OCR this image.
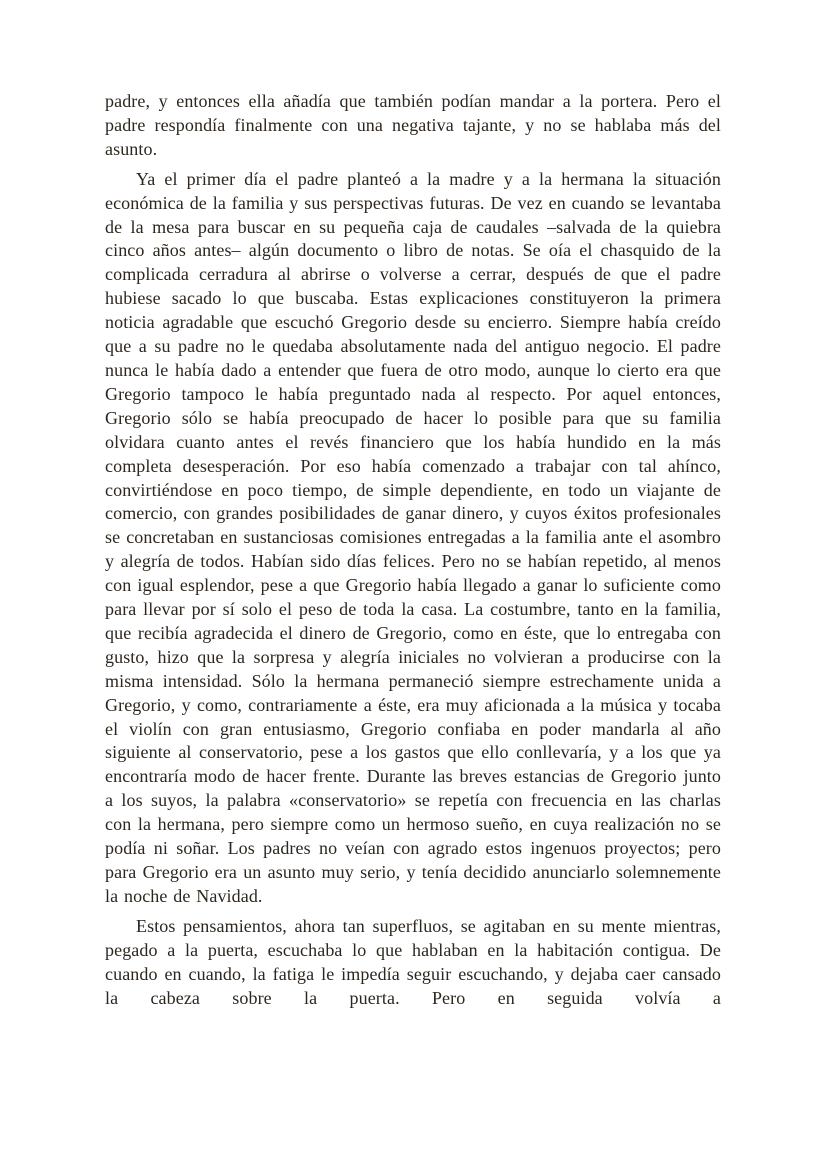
padre, y entonces ella añadía que también podían mandar a la portera. Pero el padre respondía finalmente con una negativa tajante, y no se hablaba más del asunto.

Ya el primer día el padre planteó a la madre y a la hermana la situación económica de la familia y sus perspectivas futuras. De vez en cuando se levantaba de la mesa para buscar en su pequeña caja de caudales –salvada de la quiebra cinco años antes– algún documento o libro de notas. Se oía el chasquido de la complicada cerradura al abrirse o volverse a cerrar, después de que el padre hubiese sacado lo que buscaba. Estas explicaciones constituyeron la primera noticia agradable que escuchó Gregorio desde su encierro. Siempre había creído que a su padre no le quedaba absolutamente nada del antiguo negocio. El padre nunca le había dado a entender que fuera de otro modo, aunque lo cierto era que Gregorio tampoco le había preguntado nada al respecto. Por aquel entonces, Gregorio sólo se había preocupado de hacer lo posible para que su familia olvidara cuanto antes el revés financiero que los había hundido en la más completa desesperación. Por eso había comenzado a trabajar con tal ahínco, convirtiéndose en poco tiempo, de simple dependiente, en todo un viajante de comercio, con grandes posibilidades de ganar dinero, y cuyos éxitos profesionales se concretaban en sustanciosas comisiones entregadas a la familia ante el asombro y alegría de todos. Habían sido días felices. Pero no se habían repetido, al menos con igual esplendor, pese a que Gregorio había llegado a ganar lo suficiente como para llevar por sí solo el peso de toda la casa. La costumbre, tanto en la familia, que recibía agradecida el dinero de Gregorio, como en éste, que lo entregaba con gusto, hizo que la sorpresa y alegría iniciales no volvieran a producirse con la misma intensidad. Sólo la hermana permaneció siempre estrechamente unida a Gregorio, y como, contrariamente a éste, era muy aficionada a la música y tocaba el violín con gran entusiasmo, Gregorio confiaba en poder mandarla al año siguiente al conservatorio, pese a los gastos que ello conllevaría, y a los que ya encontraría modo de hacer frente. Durante las breves estancias de Gregorio junto a los suyos, la palabra «conservatorio» se repetía con frecuencia en las charlas con la hermana, pero siempre como un hermoso sueño, en cuya realización no se podía ni soñar. Los padres no veían con agrado estos ingenuos proyectos; pero para Gregorio era un asunto muy serio, y tenía decidido anunciarlo solemnemente la noche de Navidad.

Estos pensamientos, ahora tan superfluos, se agitaban en su mente mientras, pegado a la puerta, escuchaba lo que hablaban en la habitación contigua. De cuando en cuando, la fatiga le impedía seguir escuchando, y dejaba caer cansado la cabeza sobre la puerta. Pero en seguida volvía a
